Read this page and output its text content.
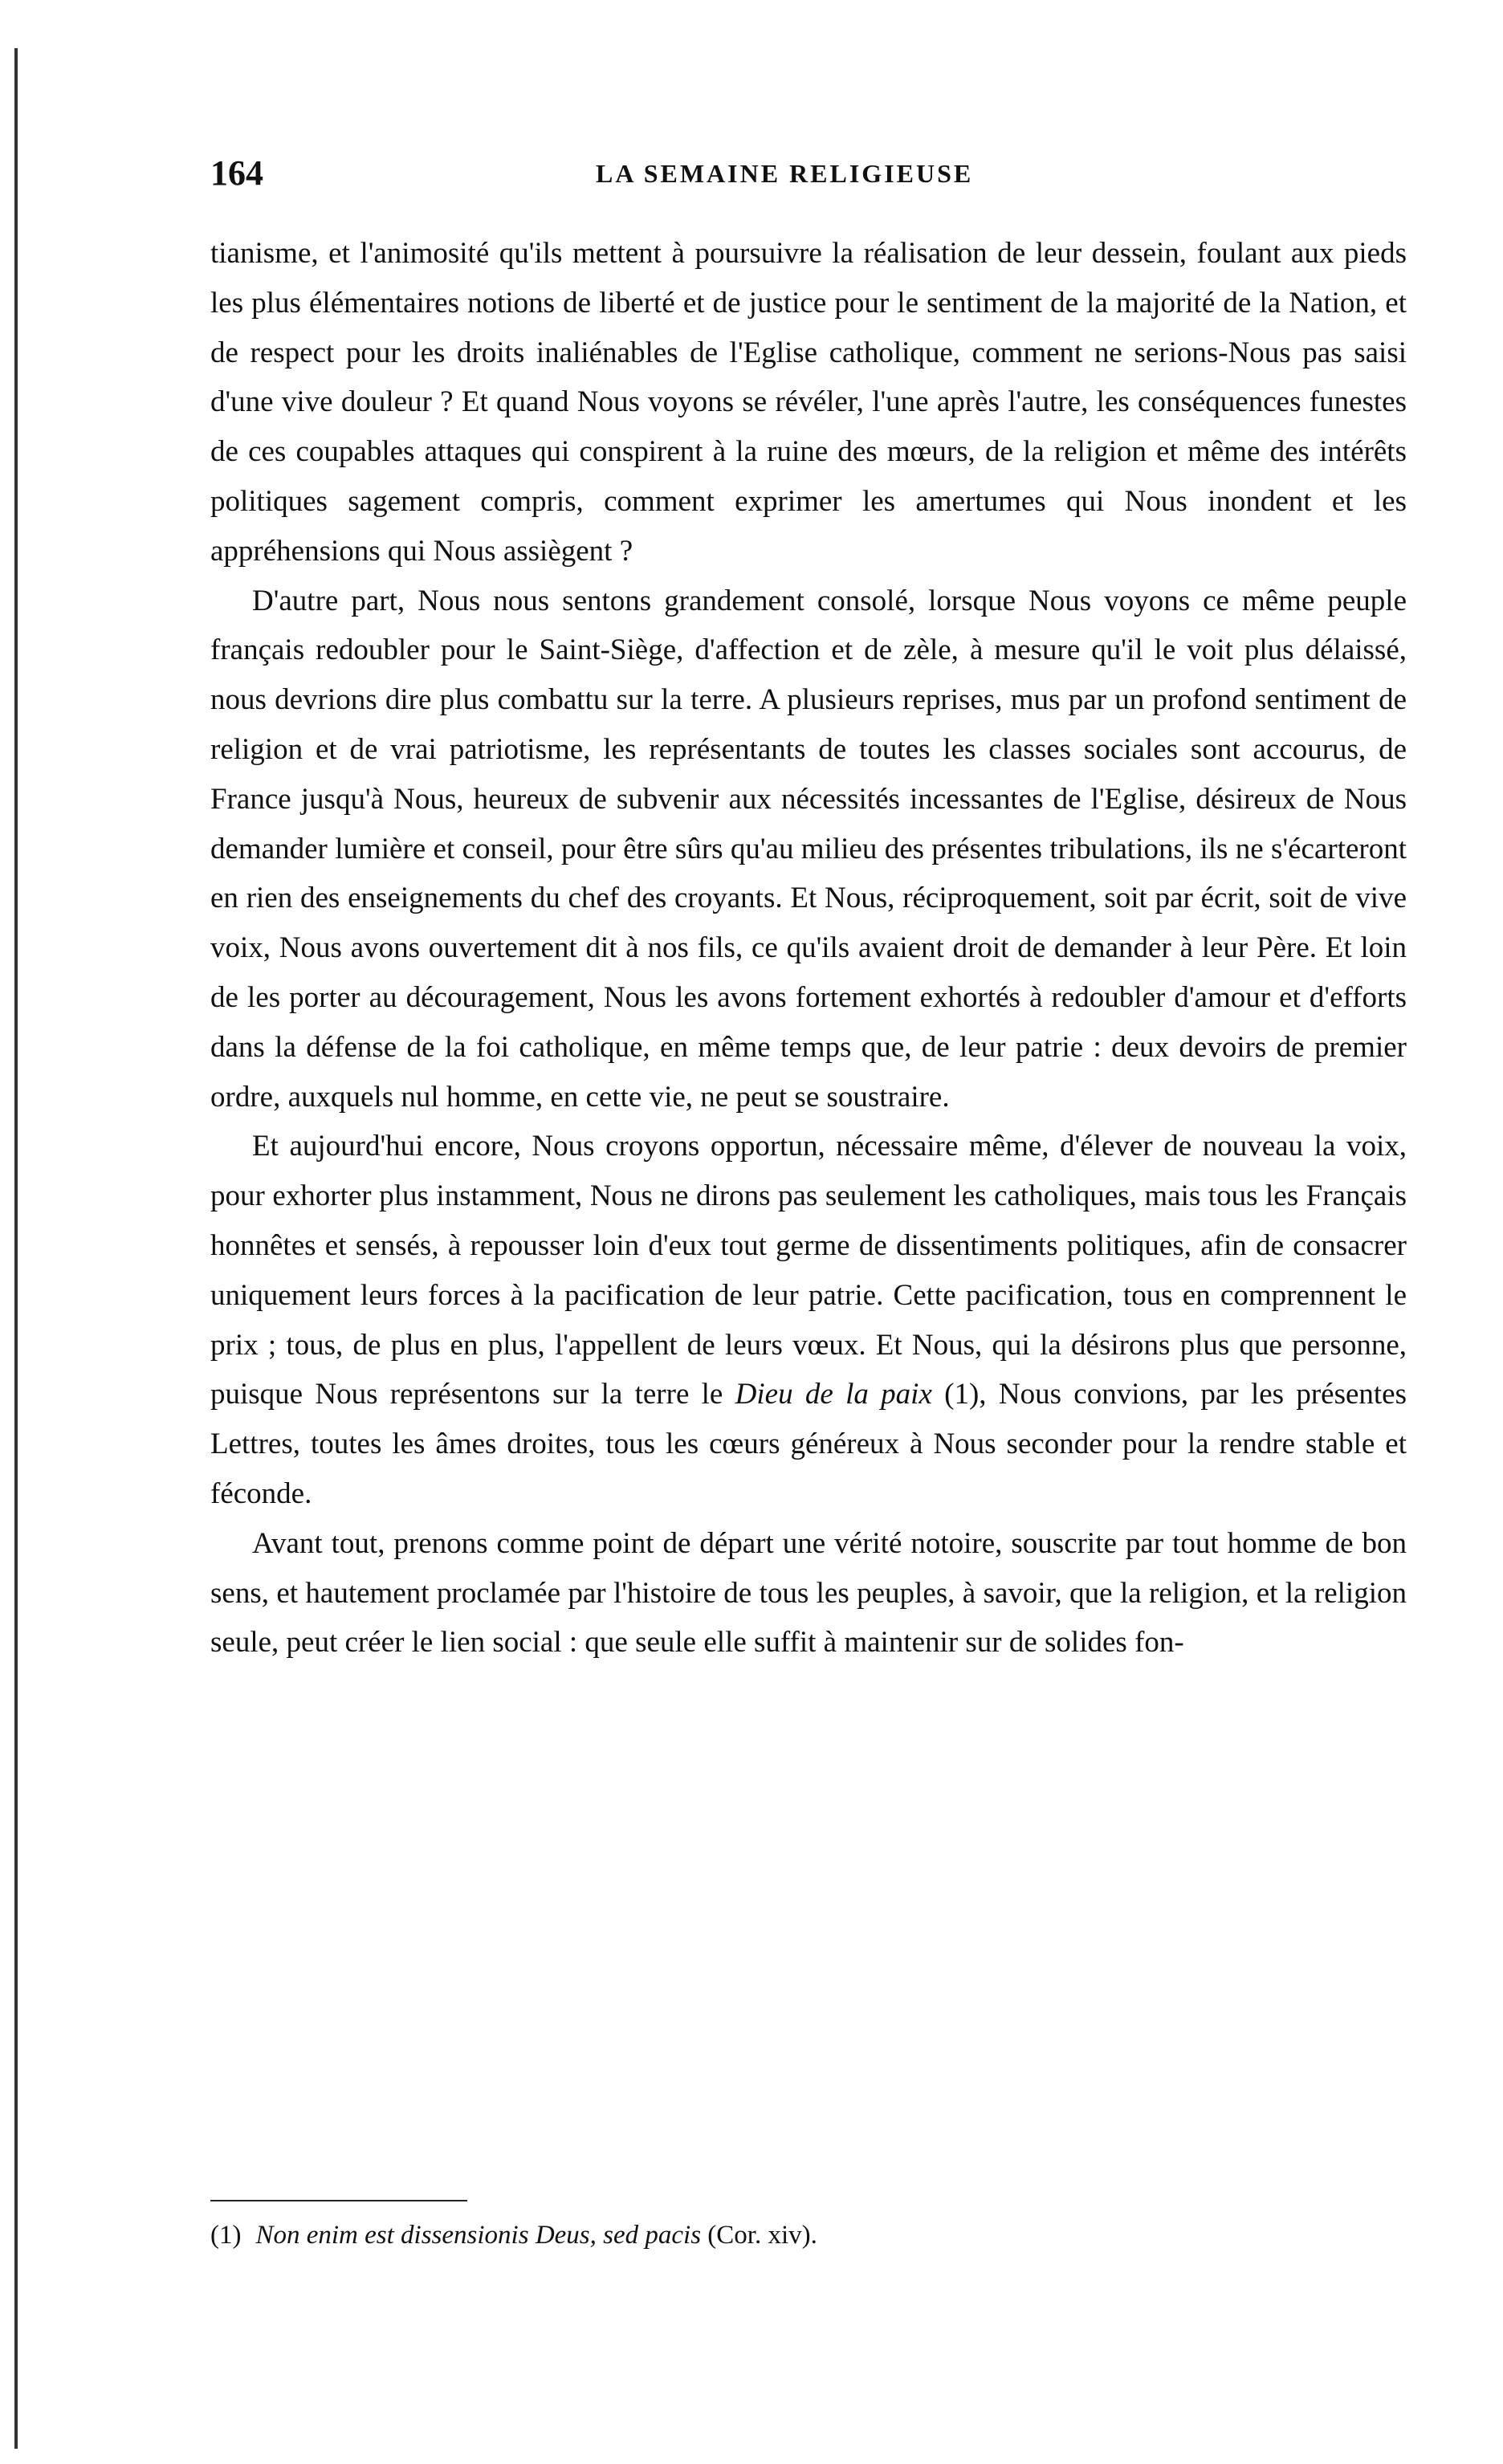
164	LA SEMAINE RELIGIEUSE

tianisme, et l'animosité qu'ils mettent à poursuivre la réalisation de leur dessein, foulant aux pieds les plus élémentaires notions de liberté et de justice pour le sentiment de la majorité de la Nation, et de respect pour les droits inaliénables de l'Eglise catholique, comment ne serions-Nous pas saisi d'une vive douleur ? Et quand Nous voyons se révéler, l'une après l'autre, les conséquences funestes de ces coupables attaques qui conspirent à la ruine des mœurs, de la religion et même des intérêts politiques sagement compris, comment exprimer les amertumes qui Nous inondent et les appréhensions qui Nous assiègent ?

D'autre part, Nous nous sentons grandement consolé, lorsque Nous voyons ce même peuple français redoubler pour le Saint-Siège, d'affection et de zèle, à mesure qu'il le voit plus délaissé, nous devrions dire plus combattu sur la terre. A plusieurs reprises, mus par un profond sentiment de religion et de vrai patriotisme, les représentants de toutes les classes sociales sont accourus, de France jusqu'à Nous, heureux de subvenir aux nécessités incessantes de l'Eglise, désireux de Nous demander lumière et conseil, pour être sûrs qu'au milieu des présentes tribulations, ils ne s'écarteront en rien des enseignements du chef des croyants. Et Nous, réciproquement, soit par écrit, soit de vive voix, Nous avons ouvertement dit à nos fils, ce qu'ils avaient droit de demander à leur Père. Et loin de les porter au découragement, Nous les avons fortement exhortés à redoubler d'amour et d'efforts dans la défense de la foi catholique, en même temps que, de leur patrie : deux devoirs de premier ordre, auxquels nul homme, en cette vie, ne peut se soustraire.

Et aujourd'hui encore, Nous croyons opportun, nécessaire même, d'élever de nouveau la voix, pour exhorter plus instamment, Nous ne dirons pas seulement les catholiques, mais tous les Français honnêtes et sensés, à repousser loin d'eux tout germe de dissentiments politiques, afin de consacrer uniquement leurs forces à la pacification de leur patrie. Cette pacification, tous en comprennent le prix ; tous, de plus en plus, l'appellent de leurs vœux. Et Nous, qui la désirons plus que personne, puisque Nous représentons sur la terre le Dieu de la paix (1), Nous convions, par les présentes Lettres, toutes les âmes droites, tous les cœurs généreux à Nous seconder pour la rendre stable et féconde.

Avant tout, prenons comme point de départ une vérité notoire, souscrite par tout homme de bon sens, et hautement proclamée par l'histoire de tous les peuples, à savoir, que la religion, et la religion seule, peut créer le lien social : que seule elle suffit à maintenir sur de solides fon-

(1) Non enim est dissensionis Deus, sed pacis (Cor. xiv).
